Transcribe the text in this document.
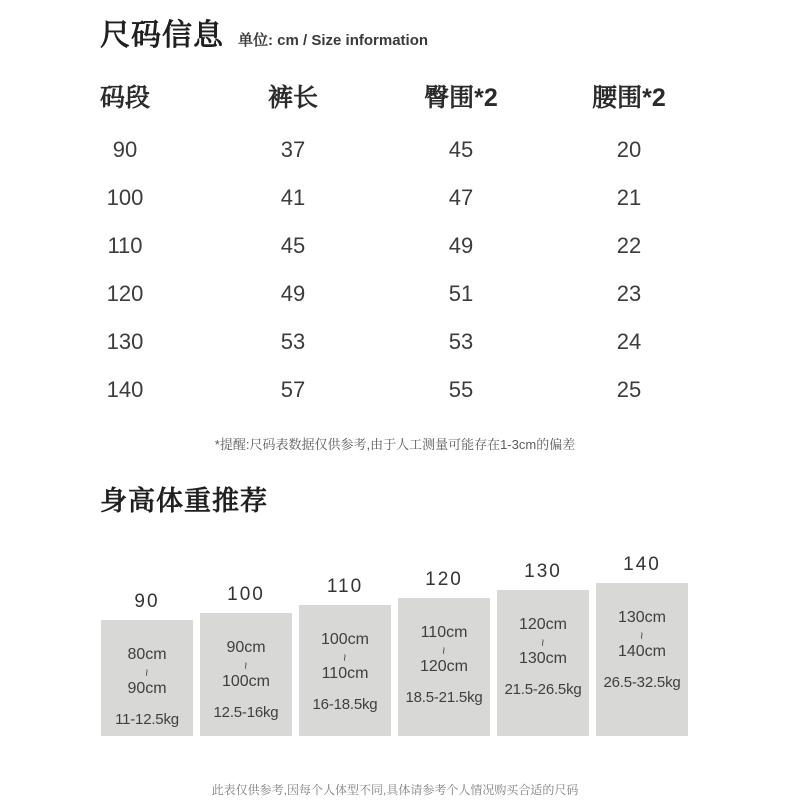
尺码信息 单位: cm / Size information
码段	裤长	臀围*2	腰围*2
90	37	45	20
100	41	47	21
110	45	49	22
120	49	51	23
130	53	53	24
140	57	55	25
*提醒:尺码表数据仅供参考,由于人工测量可能存在1-3cm的偏差
身高体重推荐
90
80cm
~
90cm
11-12.5kg
100
90cm
~
100cm
12.5-16kg
110
100cm
~
110cm
16-18.5kg
120
110cm
~
120cm
18.5-21.5kg
130
120cm
~
130cm
21.5-26.5kg
140
130cm
~
140cm
26.5-32.5kg
此表仅供参考,因每个人体型不同,具体请参考个人情况购买合适的尺码
